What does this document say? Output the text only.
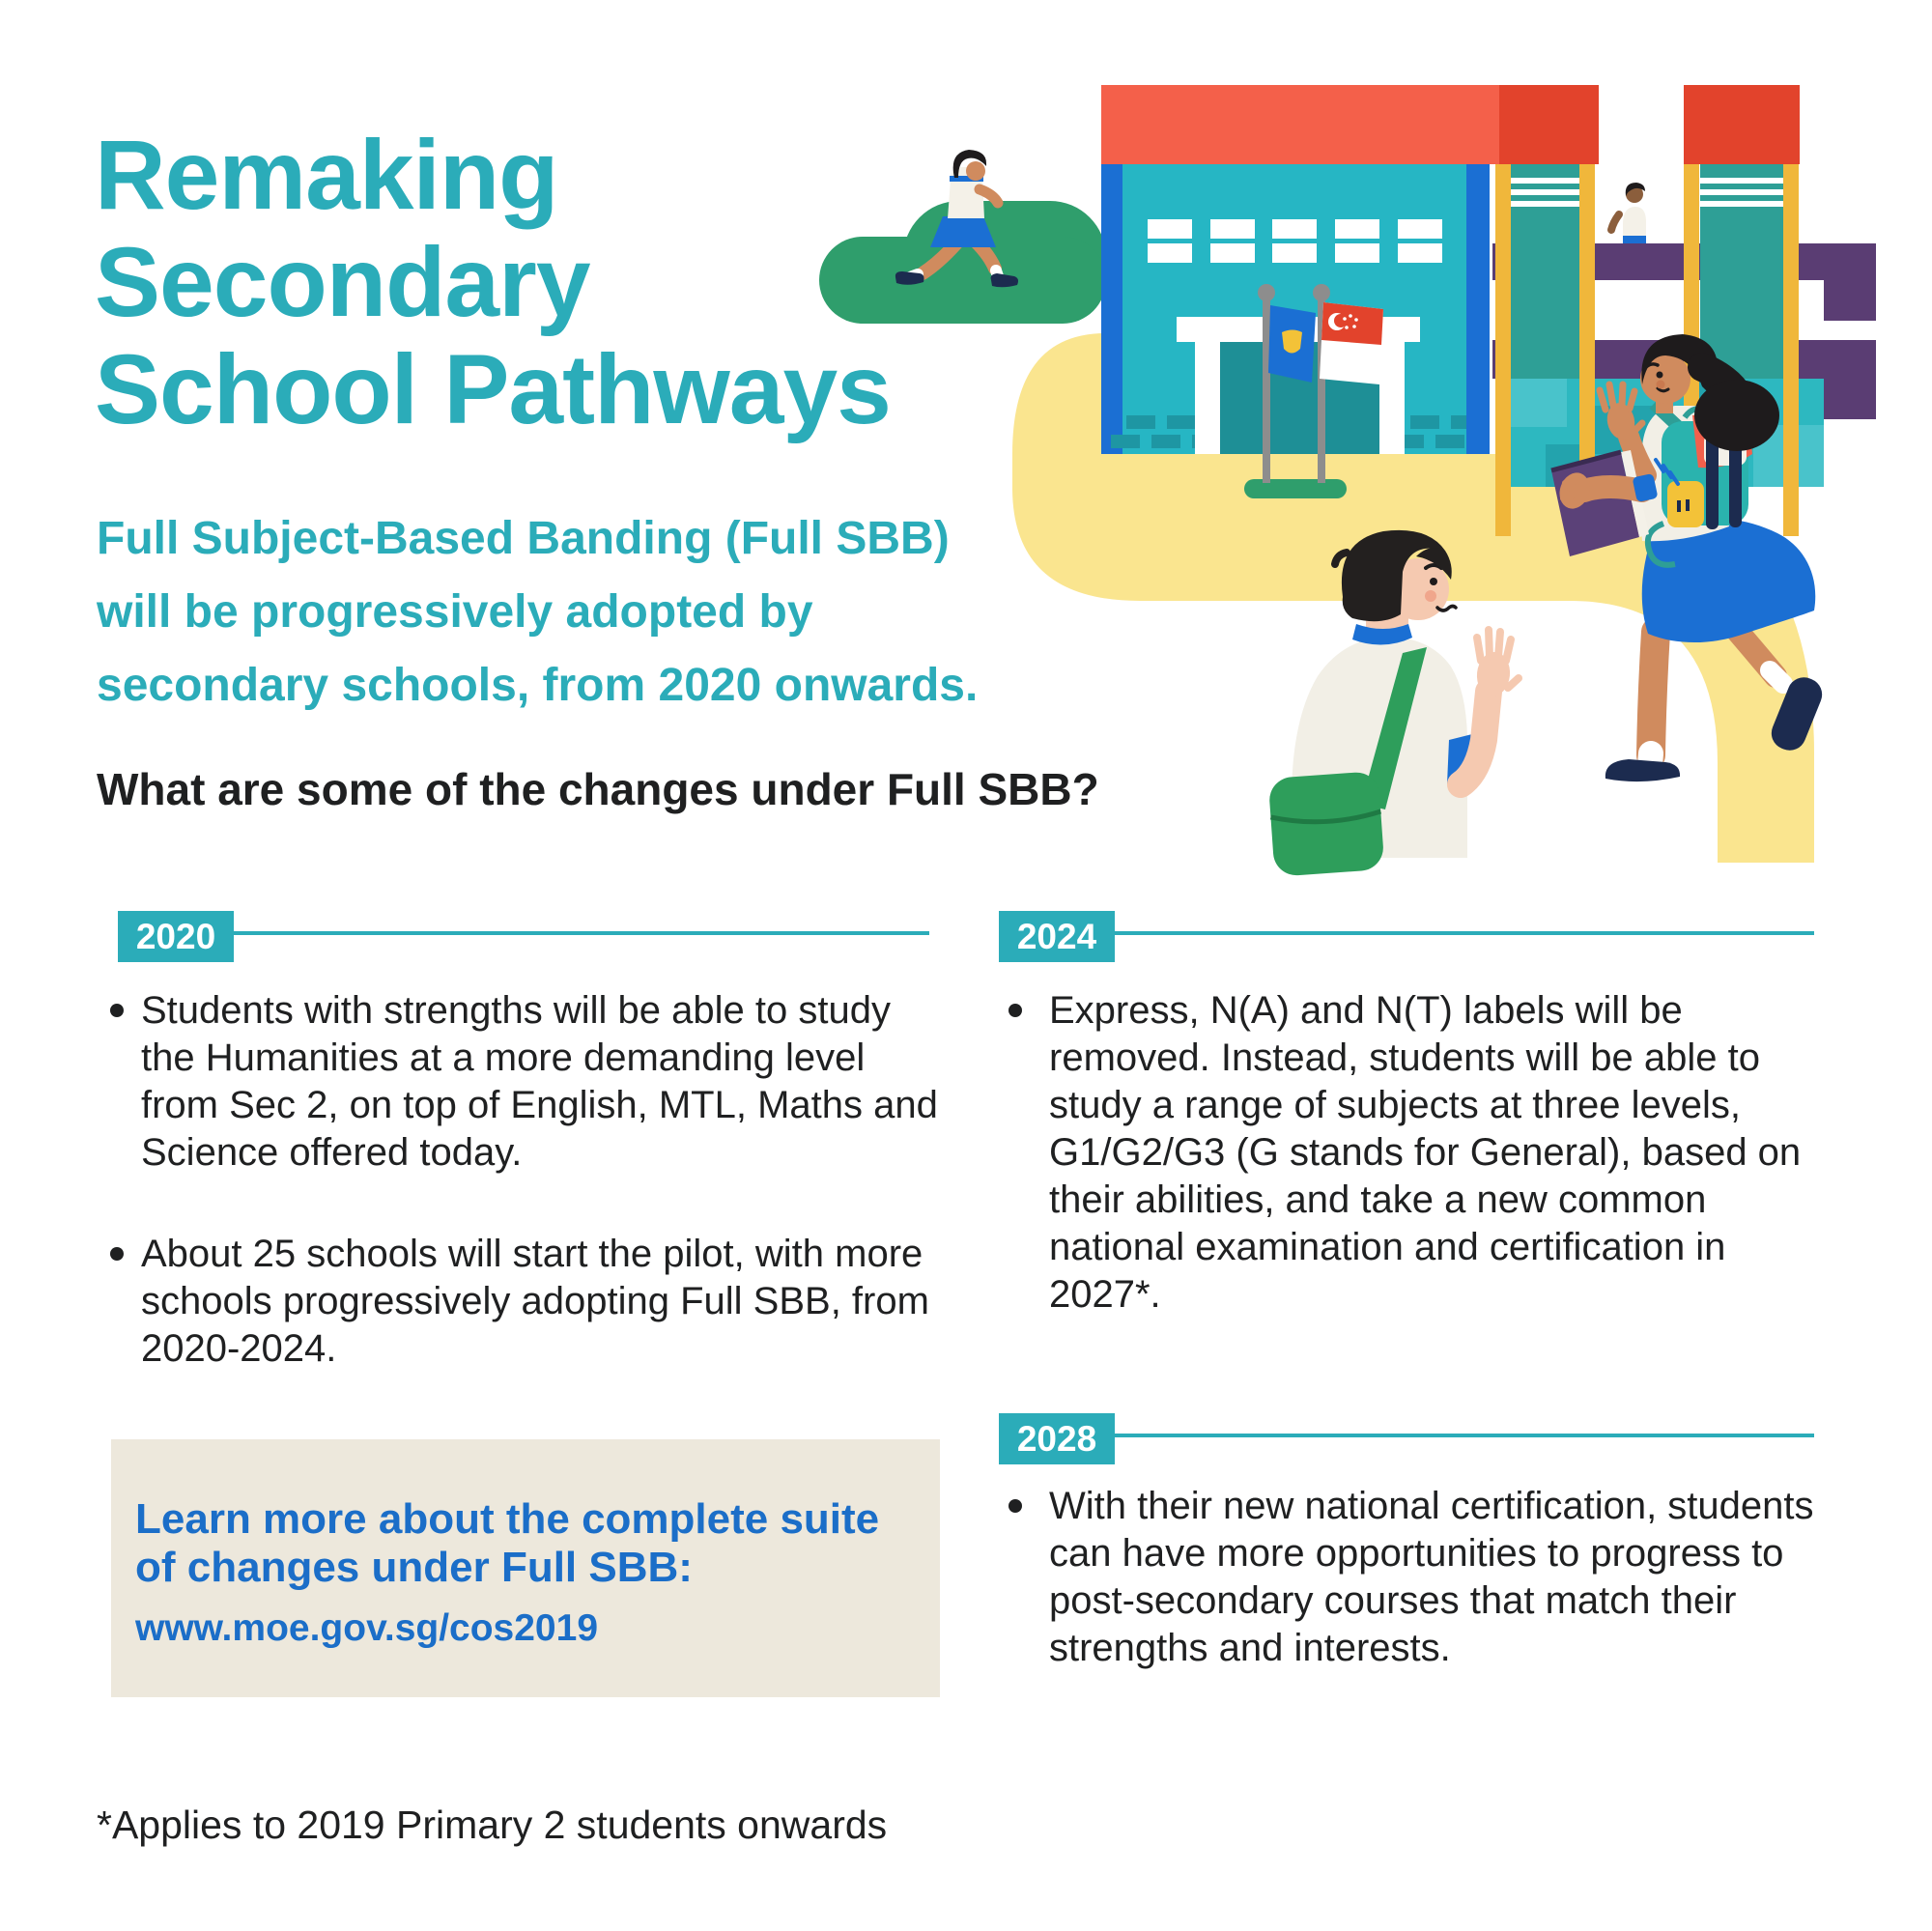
Remaking
Secondary
School Pathways
Full Subject-Based Banding (Full SBB)
will be progressively adopted by
secondary schools, from 2020 onwards.
What are some of the changes under Full SBB?
2020
Students with strengths will be able to study the Humanities at a more demanding level from Sec 2, on top of English, MTL, Maths and Science offered today.
About 25 schools will start the pilot, with more schools progressively adopting Full SBB, from 2020-2024.
2024
Express, N(A) and N(T) labels will be removed. Instead, students will be able to study a range of subjects at three levels, G1/G2/G3 (G stands for General), based on their abilities, and take a new common national examination and certification in 2027*.
2028
With their new national certification, students can have more opportunities to progress to post-secondary courses that match their strengths and interests.
Learn more about the complete suite
of changes under Full SBB:
www.moe.gov.sg/cos2019
*Applies to 2019 Primary 2 students onwards
